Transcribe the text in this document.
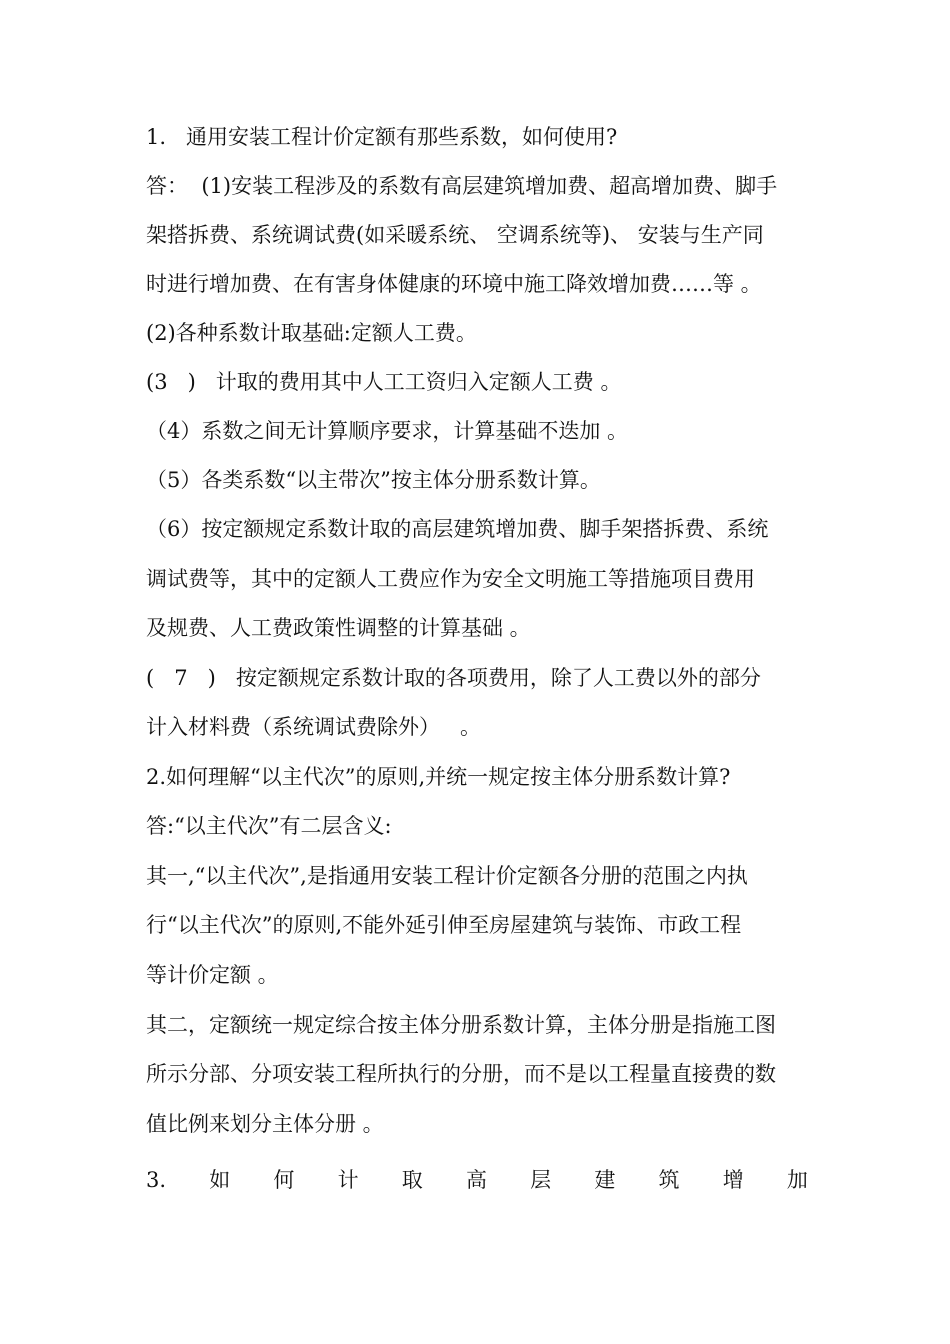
1.   通用安装工程计价定额有那些系数，如何使用?
答：  (1)安装工程涉及的系数有高层建筑增加费、超高增加费、脚手
架搭拆费、系统调试费(如采暖系统、 空调系统等)、 安装与生产同
时进行增加费、在有害身体健康的环境中施工降效增加费……等 。
(2)各种系数计取基础:定额人工费。
(3   )   计取的费用其中人工工资归入定额人工费 。
（4）系数之间无计算顺序要求，计算基础不迭加 。
（5）各类系数“以主带次”按主体分册系数计算。
（6）按定额规定系数计取的高层建筑增加费、脚手架搭拆费、系统
调试费等，其中的定额人工费应作为安全文明施工等措施项目费用
及规费、人工费政策性调整的计算基础 。
(   7   )   按定额规定系数计取的各项费用，除了人工费以外的部分
计入材料费（系统调试费除外）   。
2.如何理解“以主代次”的原则,并统一规定按主体分册系数计算?
答:“以主代次”有二层含义:
其一,“以主代次”,是指通用安装工程计价定额各分册的范围之内执
行“以主代次”的原则,不能外延引伸至房屋建筑与装饰、市政工程
等计价定额 。
其二，定额统一规定综合按主体分册系数计算，主体分册是指施工图
所示分部、分项安装工程所执行的分册，而不是以工程量直接费的数
值比例来划分主体分册 。
3. 如 何 计 取 高 层 建 筑 增 加
